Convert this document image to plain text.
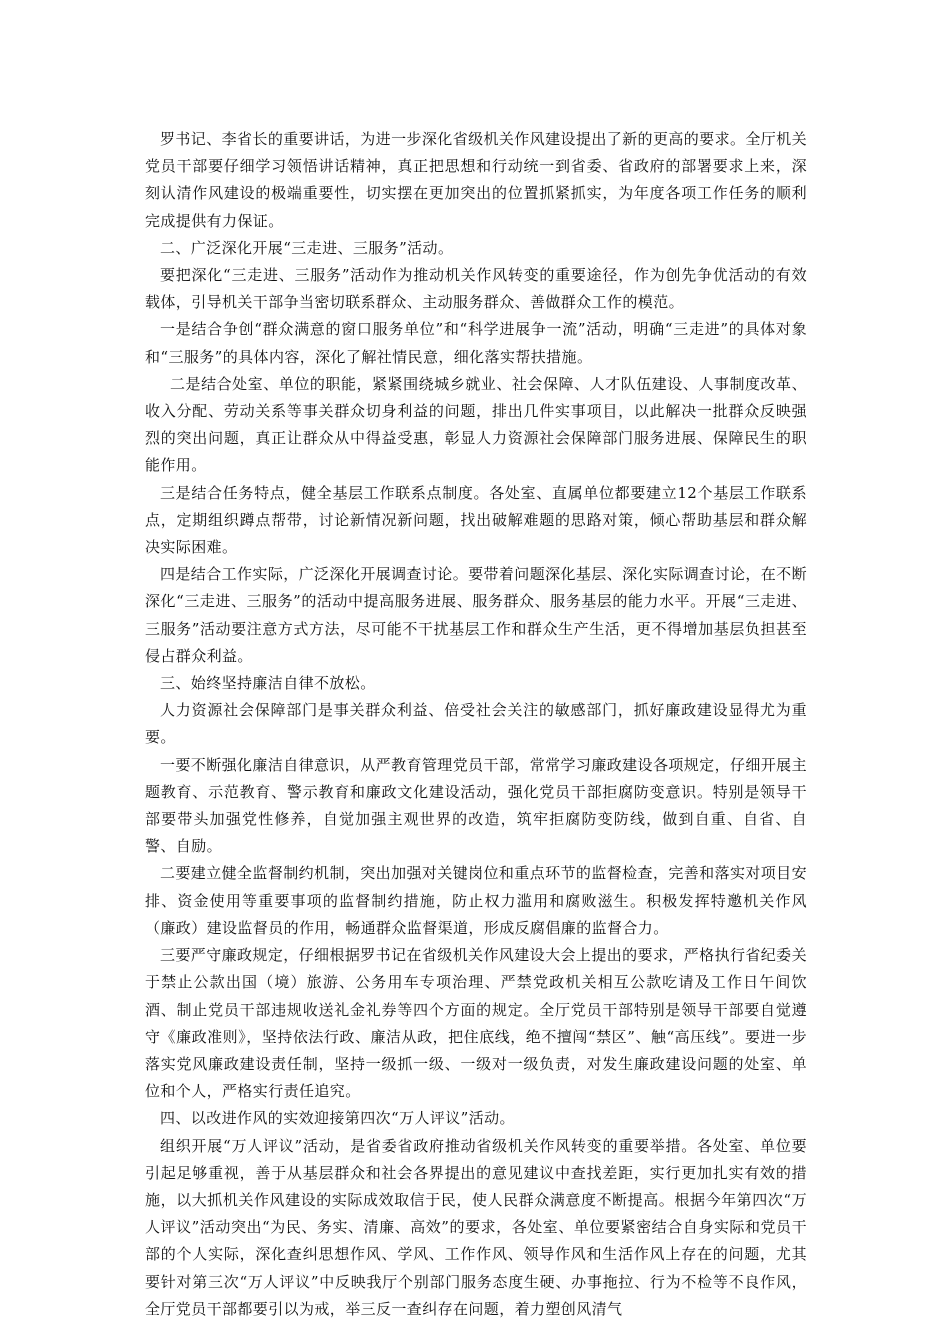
罗书记、李省长的重要讲话，为进一步深化省级机关作风建设提出了新的更高的要求。全厅机关党员干部要仔细学习领悟讲话精神，真正把思想和行动统一到省委、省政府的部署要求上来，深刻认清作风建设的极端重要性，切实摆在更加突出的位置抓紧抓实，为年度各项工作任务的顺利完成提供有力保证。

二、广泛深化开展“三走进、三服务”活动。

要把深化“三走进、三服务”活动作为推动机关作风转变的重要途径，作为创先争优活动的有效载体，引导机关干部争当密切联系群众、主动服务群众、善做群众工作的模范。

一是结合争创“群众满意的窗口服务单位”和“科学进展争一流”活动，明确“三走进”的具体对象和“三服务”的具体内容，深化了解社情民意，细化落实帮扶措施。

二是结合处室、单位的职能，紧紧围绕城乡就业、社会保障、人才队伍建设、人事制度改革、收入分配、劳动关系等事关群众切身利益的问题，排出几件实事项目，以此解决一批群众反映强烈的突出问题，真正让群众从中得益受惠，彰显人力资源社会保障部门服务进展、保障民生的职能作用。

三是结合任务特点，健全基层工作联系点制度。各处室、直属单位都要建立12个基层工作联系点，定期组织蹲点帮带，讨论新情况新问题，找出破解难题的思路对策，倾心帮助基层和群众解决实际困难。

四是结合工作实际，广泛深化开展调查讨论。要带着问题深化基层、深化实际调查讨论，在不断深化“三走进、三服务”的活动中提高服务进展、服务群众、服务基层的能力水平。开展“三走进、三服务”活动要注意方式方法，尽可能不干扰基层工作和群众生产生活，更不得增加基层负担甚至侵占群众利益。

三、始终坚持廉洁自律不放松。

人力资源社会保障部门是事关群众利益、倍受社会关注的敏感部门，抓好廉政建设显得尤为重要。

一要不断强化廉洁自律意识，从严教育管理党员干部，常常学习廉政建设各项规定，仔细开展主题教育、示范教育、警示教育和廉政文化建设活动，强化党员干部拒腐防变意识。特别是领导干部要带头加强党性修养，自觉加强主观世界的改造，筑牢拒腐防变防线，做到自重、自省、自警、自励。

二要建立健全监督制约机制，突出加强对关键岗位和重点环节的监督检查，完善和落实对项目安排、资金使用等重要事项的监督制约措施，防止权力滥用和腐败滋生。积极发挥特邀机关作风（廉政）建设监督员的作用，畅通群众监督渠道，形成反腐倡廉的监督合力。

三要严守廉政规定，仔细根据罗书记在省级机关作风建设大会上提出的要求，严格执行省纪委关于禁止公款出国（境）旅游、公务用车专项治理、严禁党政机关相互公款吃请及工作日午间饮酒、制止党员干部违规收送礼金礼券等四个方面的规定。全厅党员干部特别是领导干部要自觉遵守《廉政准则》，坚持依法行政、廉洁从政，把住底线，绝不擅闯“禁区”、触“高压线”。要进一步落实党风廉政建设责任制，坚持一级抓一级、一级对一级负责，对发生廉政建设问题的处室、单位和个人，严格实行责任追究。

四、以改进作风的实效迎接第四次“万人评议”活动。

组织开展“万人评议”活动，是省委省政府推动省级机关作风转变的重要举措。各处室、单位要引起足够重视，善于从基层群众和社会各界提出的意见建议中查找差距，实行更加扎实有效的措施，以大抓机关作风建设的实际成效取信于民，使人民群众满意度不断提高。根据今年第四次“万人评议”活动突出“为民、务实、清廉、高效”的要求，各处室、单位要紧密结合自身实际和党员干部的个人实际，深化查纠思想作风、学风、工作作风、领导作风和生活作风上存在的问题，尤其要针对第三次“万人评议”中反映我厅个别部门服务态度生硬、办事拖拉、行为不检等不良作风，全厅党员干部都要引以为戒，举三反一查纠存在问题，着力塑创风清气
